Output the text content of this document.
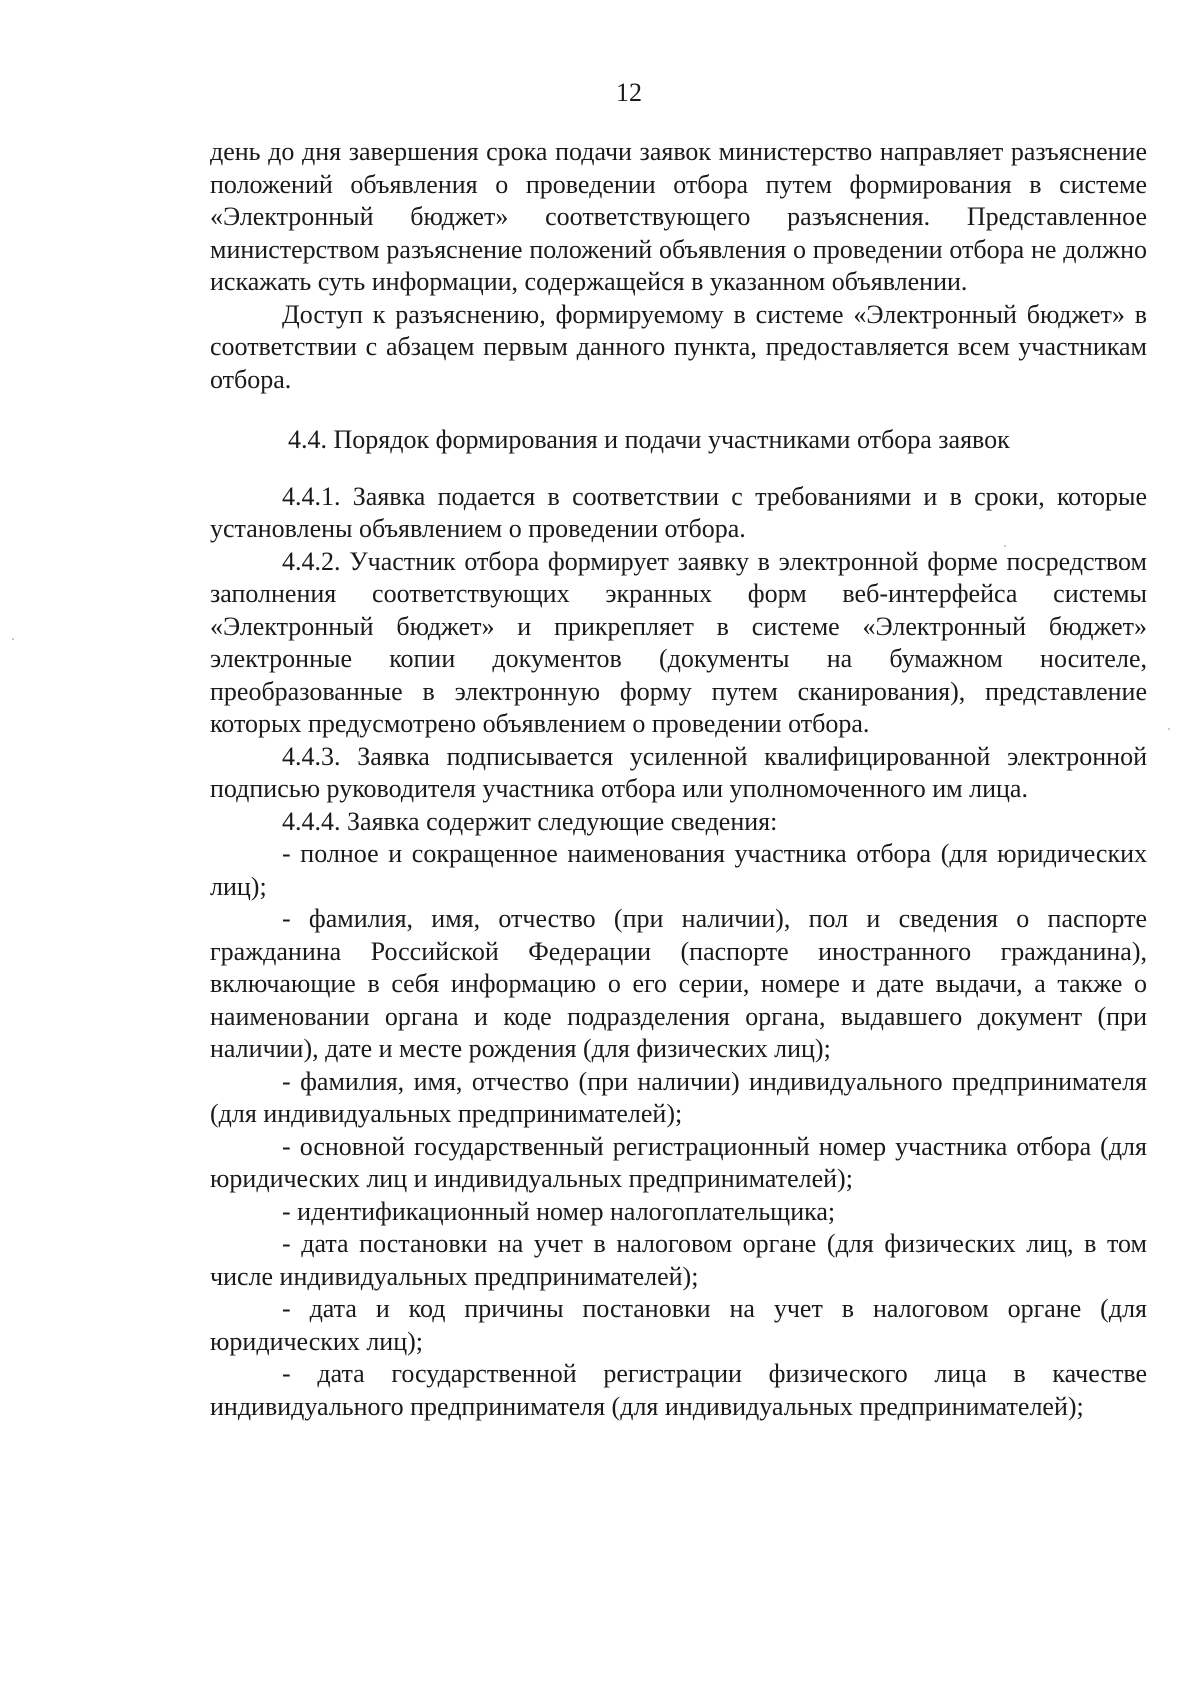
12

день до дня завершения срока подачи заявок министерство направляет разъяснение положений объявления о проведении отбора путем формирования в системе «Электронный бюджет» соответствующего разъяснения. Представленное министерством разъяснение положений объявления о проведении отбора не должно искажать суть информации, содержащейся в указанном объявлении.

Доступ к разъяснению, формируемому в системе «Электронный бюджет» в соответствии с абзацем первым данного пункта, предоставляется всем участникам отбора.

4.4. Порядок формирования и подачи участниками отбора заявок

4.4.1. Заявка подается в соответствии с требованиями и в сроки, которые установлены объявлением о проведении отбора.

4.4.2. Участник отбора формирует заявку в электронной форме посредством заполнения соответствующих экранных форм веб-интерфейса системы «Электронный бюджет» и прикрепляет в системе «Электронный бюджет» электронные копии документов (документы на бумажном носителе, преобразованные в электронную форму путем сканирования), представление которых предусмотрено объявлением о проведении отбора.

4.4.3. Заявка подписывается усиленной квалифицированной электронной подписью руководителя участника отбора или уполномоченного им лица.

4.4.4. Заявка содержит следующие сведения:

- полное и сокращенное наименования участника отбора (для юридических лиц);

- фамилия, имя, отчество (при наличии), пол и сведения о паспорте гражданина Российской Федерации (паспорте иностранного гражданина), включающие в себя информацию о его серии, номере и дате выдачи, а также о наименовании органа и коде подразделения органа, выдавшего документ (при наличии), дате и месте рождения (для физических лиц);

- фамилия, имя, отчество (при наличии) индивидуального предпринимателя (для индивидуальных предпринимателей);

- основной государственный регистрационный номер участника отбора (для юридических лиц и индивидуальных предпринимателей);

- идентификационный номер налогоплательщика;

- дата постановки на учет в налоговом органе (для физических лиц, в том числе индивидуальных предпринимателей);

- дата и код причины постановки на учет в налоговом органе (для юридических лиц);

- дата государственной регистрации физического лица в качестве индивидуального предпринимателя (для индивидуальных предпринимателей);
